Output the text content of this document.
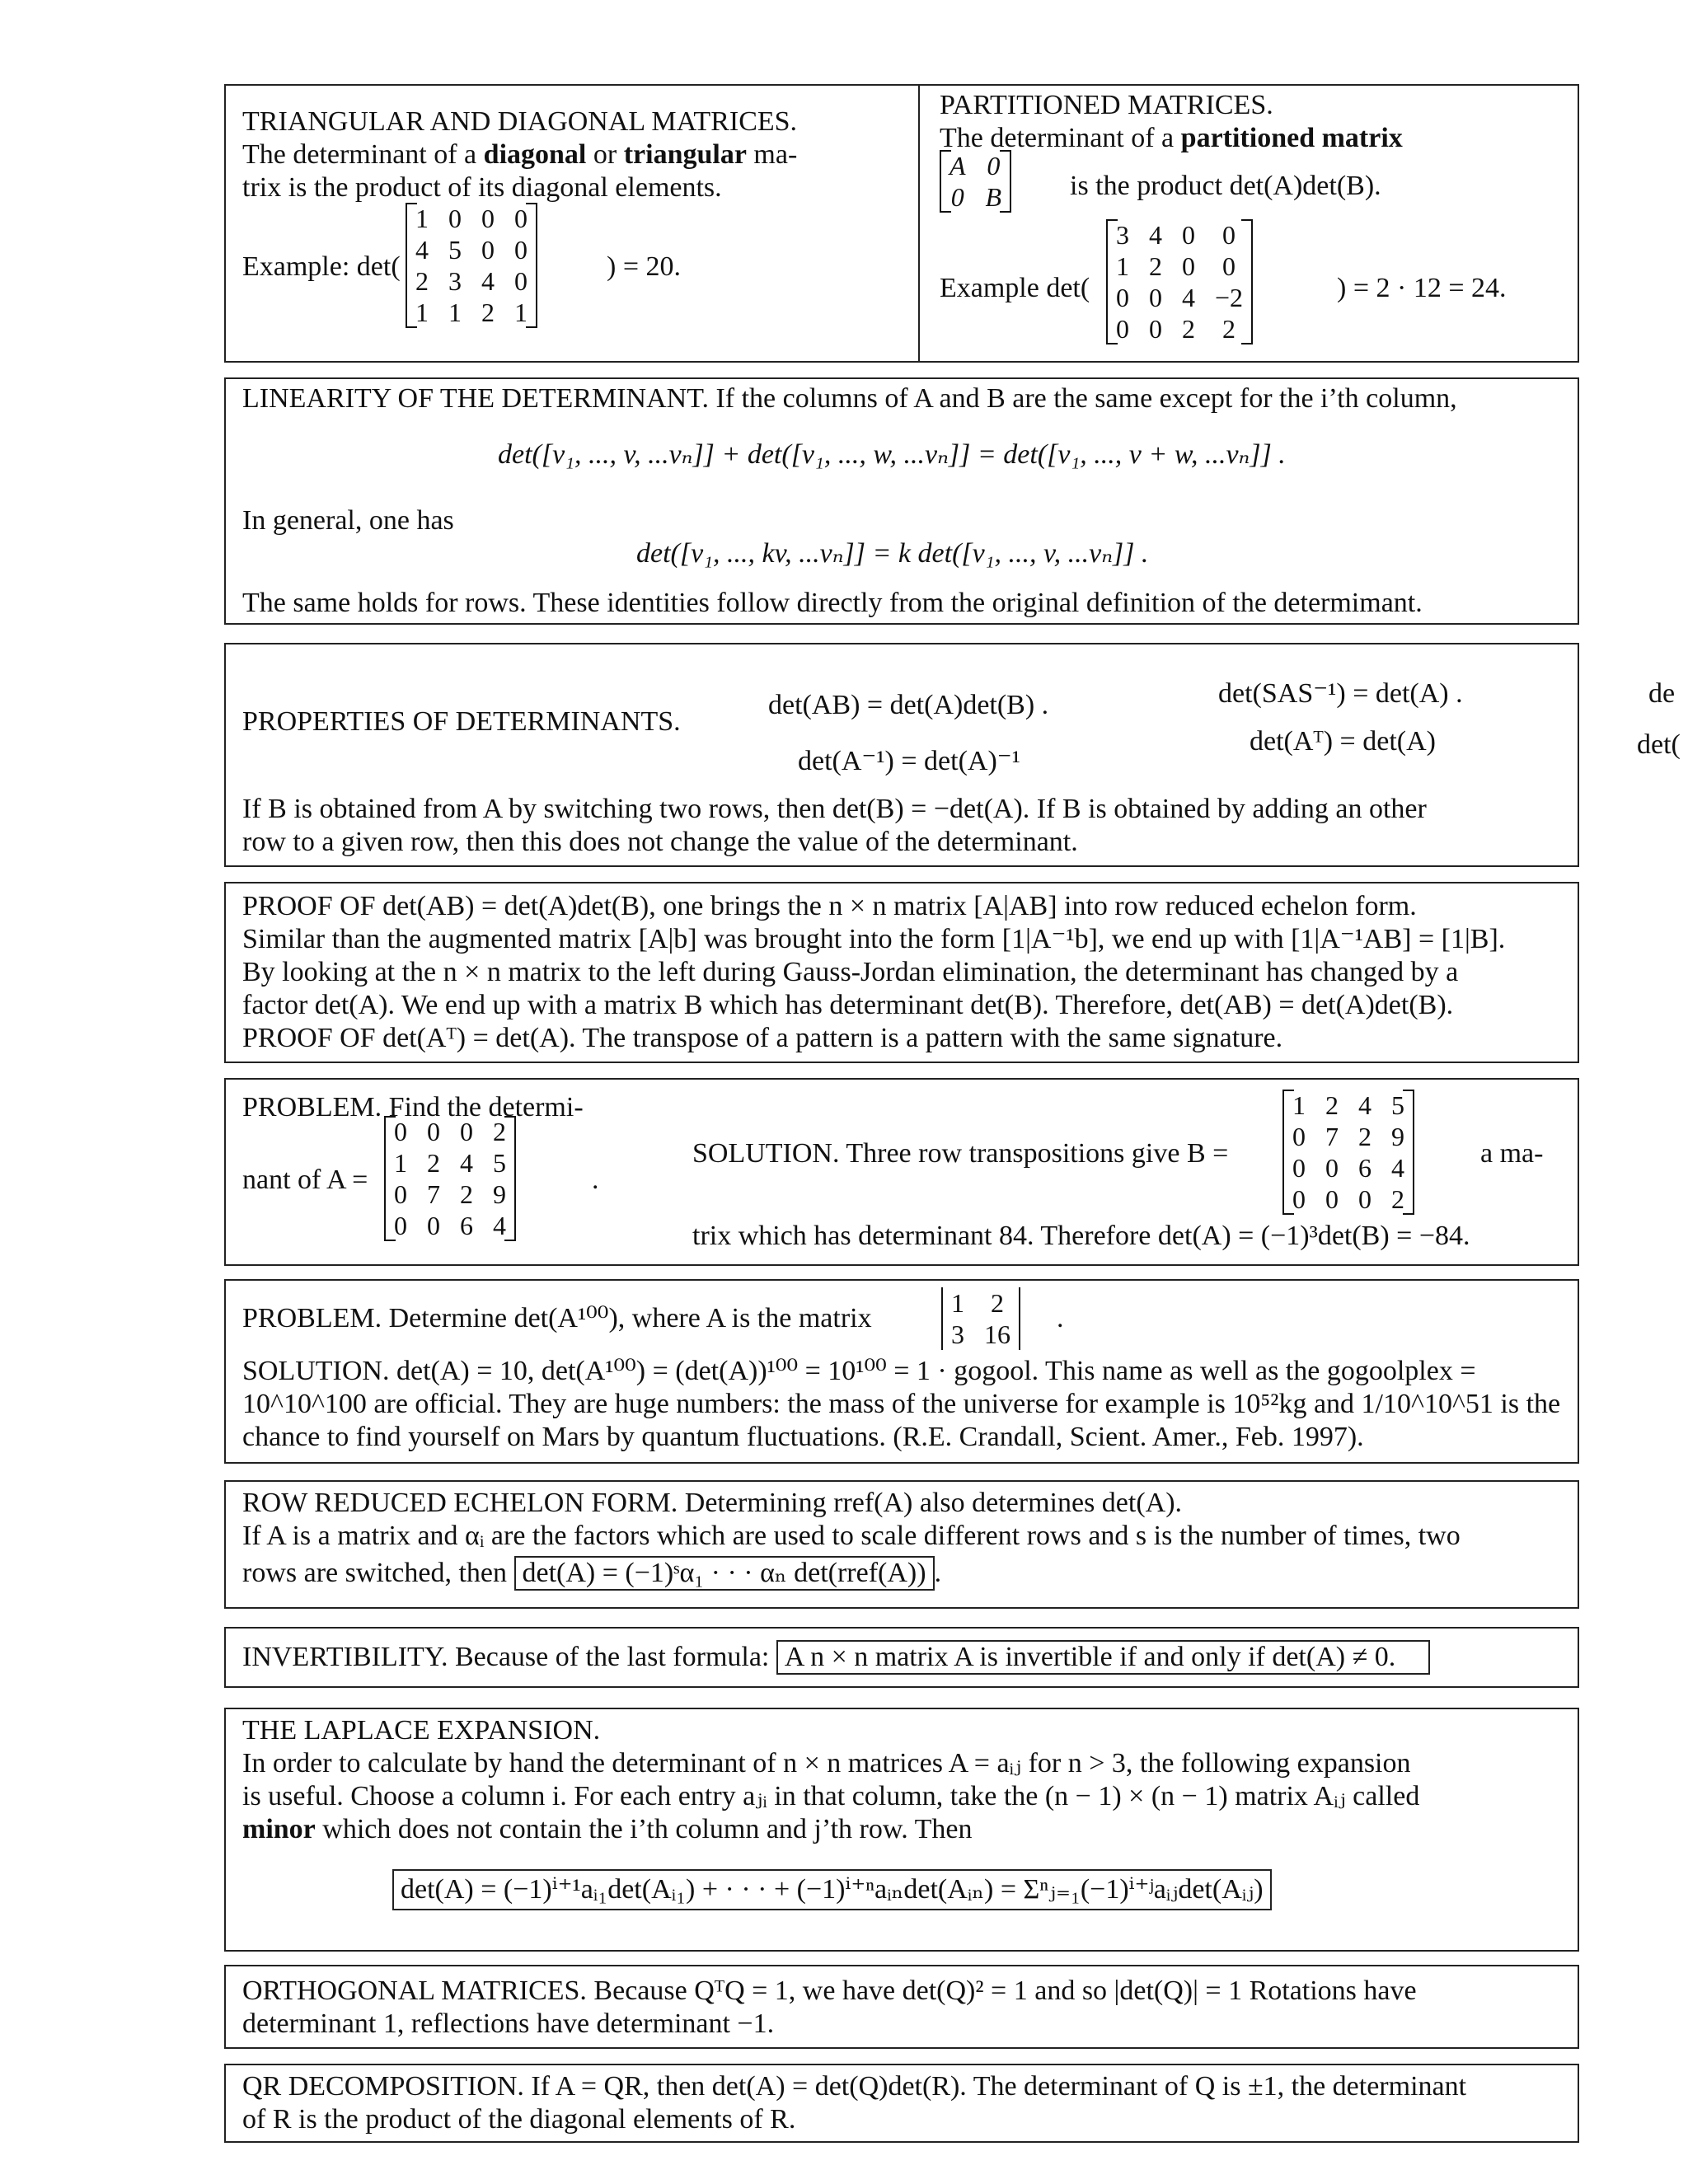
TRIANGULAR AND DIAGONAL MATRICES.
The determinant of a diagonal or triangular ma-
trix is the product of its diagonal elements.
Example: det(
1	0	0	0
4	5	0	0
2	3	4	0
1	1	2	1
) = 20.
PARTITIONED MATRICES.
The determinant of a partitioned matrix
A	0
0	B is the product det(A)det(B).
Example det(
3	4	0	0
1	2	0	0
0	0	4	−2
0	0	2	2
) = 2 · 12 = 24.
LINEARITY OF THE DETERMINANT. If the columns of A and B are the same except for the i’th column,
det([v₁, ..., v, ...vₙ]] + det([v₁, ..., w, ...vₙ]] = det([v₁, ..., v + w, ...vₙ]] .
In general, one has
det([v₁, ..., kv, ...vₙ]] = k det([v₁, ..., v, ...vₙ]] .
The same holds for rows. These identities follow directly from the original definition of the determimant.
PROPERTIES OF DETERMINANTS.
det(AB) = det(A)det(B) .
det(A⁻¹) = det(A)⁻¹
det(SAS⁻¹) = det(A) .
det(Aᵀ) = det(A)
If B is obtained from A by switching two rows, then det(B) = −det(A). If B is obtained by adding an other
row to a given row, then this does not change the value of the determinant.
de
det(
PROOF OF det(AB) = det(A)det(B), one brings the n × n matrix [A|AB] into row reduced echelon form.
Similar than the augmented matrix [A|b] was brought into the form [1|A⁻¹b], we end up with [1|A⁻¹AB] = [1|B].
By looking at the n × n matrix to the left during Gauss-Jordan elimination, the determinant has changed by a
factor det(A). We end up with a matrix B which has determinant det(B). Therefore, det(AB) = det(A)det(B).
PROOF OF det(Aᵀ) = det(A). The transpose of a pattern is a pattern with the same signature.
PROBLEM. Find the determi-
nant of A =
0	0	0	2
1	2	4	5
0	7	2	9
0	0	6	4
.
SOLUTION. Three row transpositions give B =
1	2	4	5
0	7	2	9
0	0	6	4
0	0	0	2
a ma-
trix which has determinant 84. Therefore det(A) = (−1)³det(B) = −84.
PROBLEM. Determine det(A¹⁰⁰), where A is the matrix
1	2
3	16
.
SOLUTION. det(A) = 10, det(A¹⁰⁰) = (det(A))¹⁰⁰ = 10¹⁰⁰ = 1 · gogool. This name as well as the gogoolplex =
10^10^100 are official. They are huge numbers: the mass of the universe for example is 10⁵²kg and 1/10^10^51 is the
chance to find yourself on Mars by quantum fluctuations. (R.E. Crandall, Scient. Amer., Feb. 1997).
ROW REDUCED ECHELON FORM. Determining rref(A) also determines det(A).
If A is a matrix and αᵢ are the factors which are used to scale different rows and s is the number of times, two
rows are switched, then det(A) = (−1)ˢα₁ · · · αₙ det(rref(A)) .
INVERTIBILITY. Because of the last formula: A n × n matrix A is invertible if and only if det(A) ≠ 0.
THE LAPLACE EXPANSION.
In order to calculate by hand the determinant of n × n matrices A = aᵢⱼ for n > 3, the following expansion
is useful. Choose a column i. For each entry aⱼᵢ in that column, take the (n − 1) × (n − 1) matrix Aᵢⱼ called
minor which does not contain the i’th column and j’th row. Then
det(A) = (−1)ⁱ⁺¹aᵢ₁det(Aᵢ₁) + · · · + (−1)ⁱ⁺ⁿaᵢₙdet(Aᵢₙ) = Σⁿⱼ₌₁(−1)ⁱ⁺ʲaᵢⱼdet(Aᵢⱼ)
ORTHOGONAL MATRICES. Because QᵀQ = 1, we have det(Q)² = 1 and so |det(Q)| = 1 Rotations have
determinant 1, reflections have determinant −1.
QR DECOMPOSITION. If A = QR, then det(A) = det(Q)det(R). The determinant of Q is ±1, the determinant
of R is the product of the diagonal elements of R.
